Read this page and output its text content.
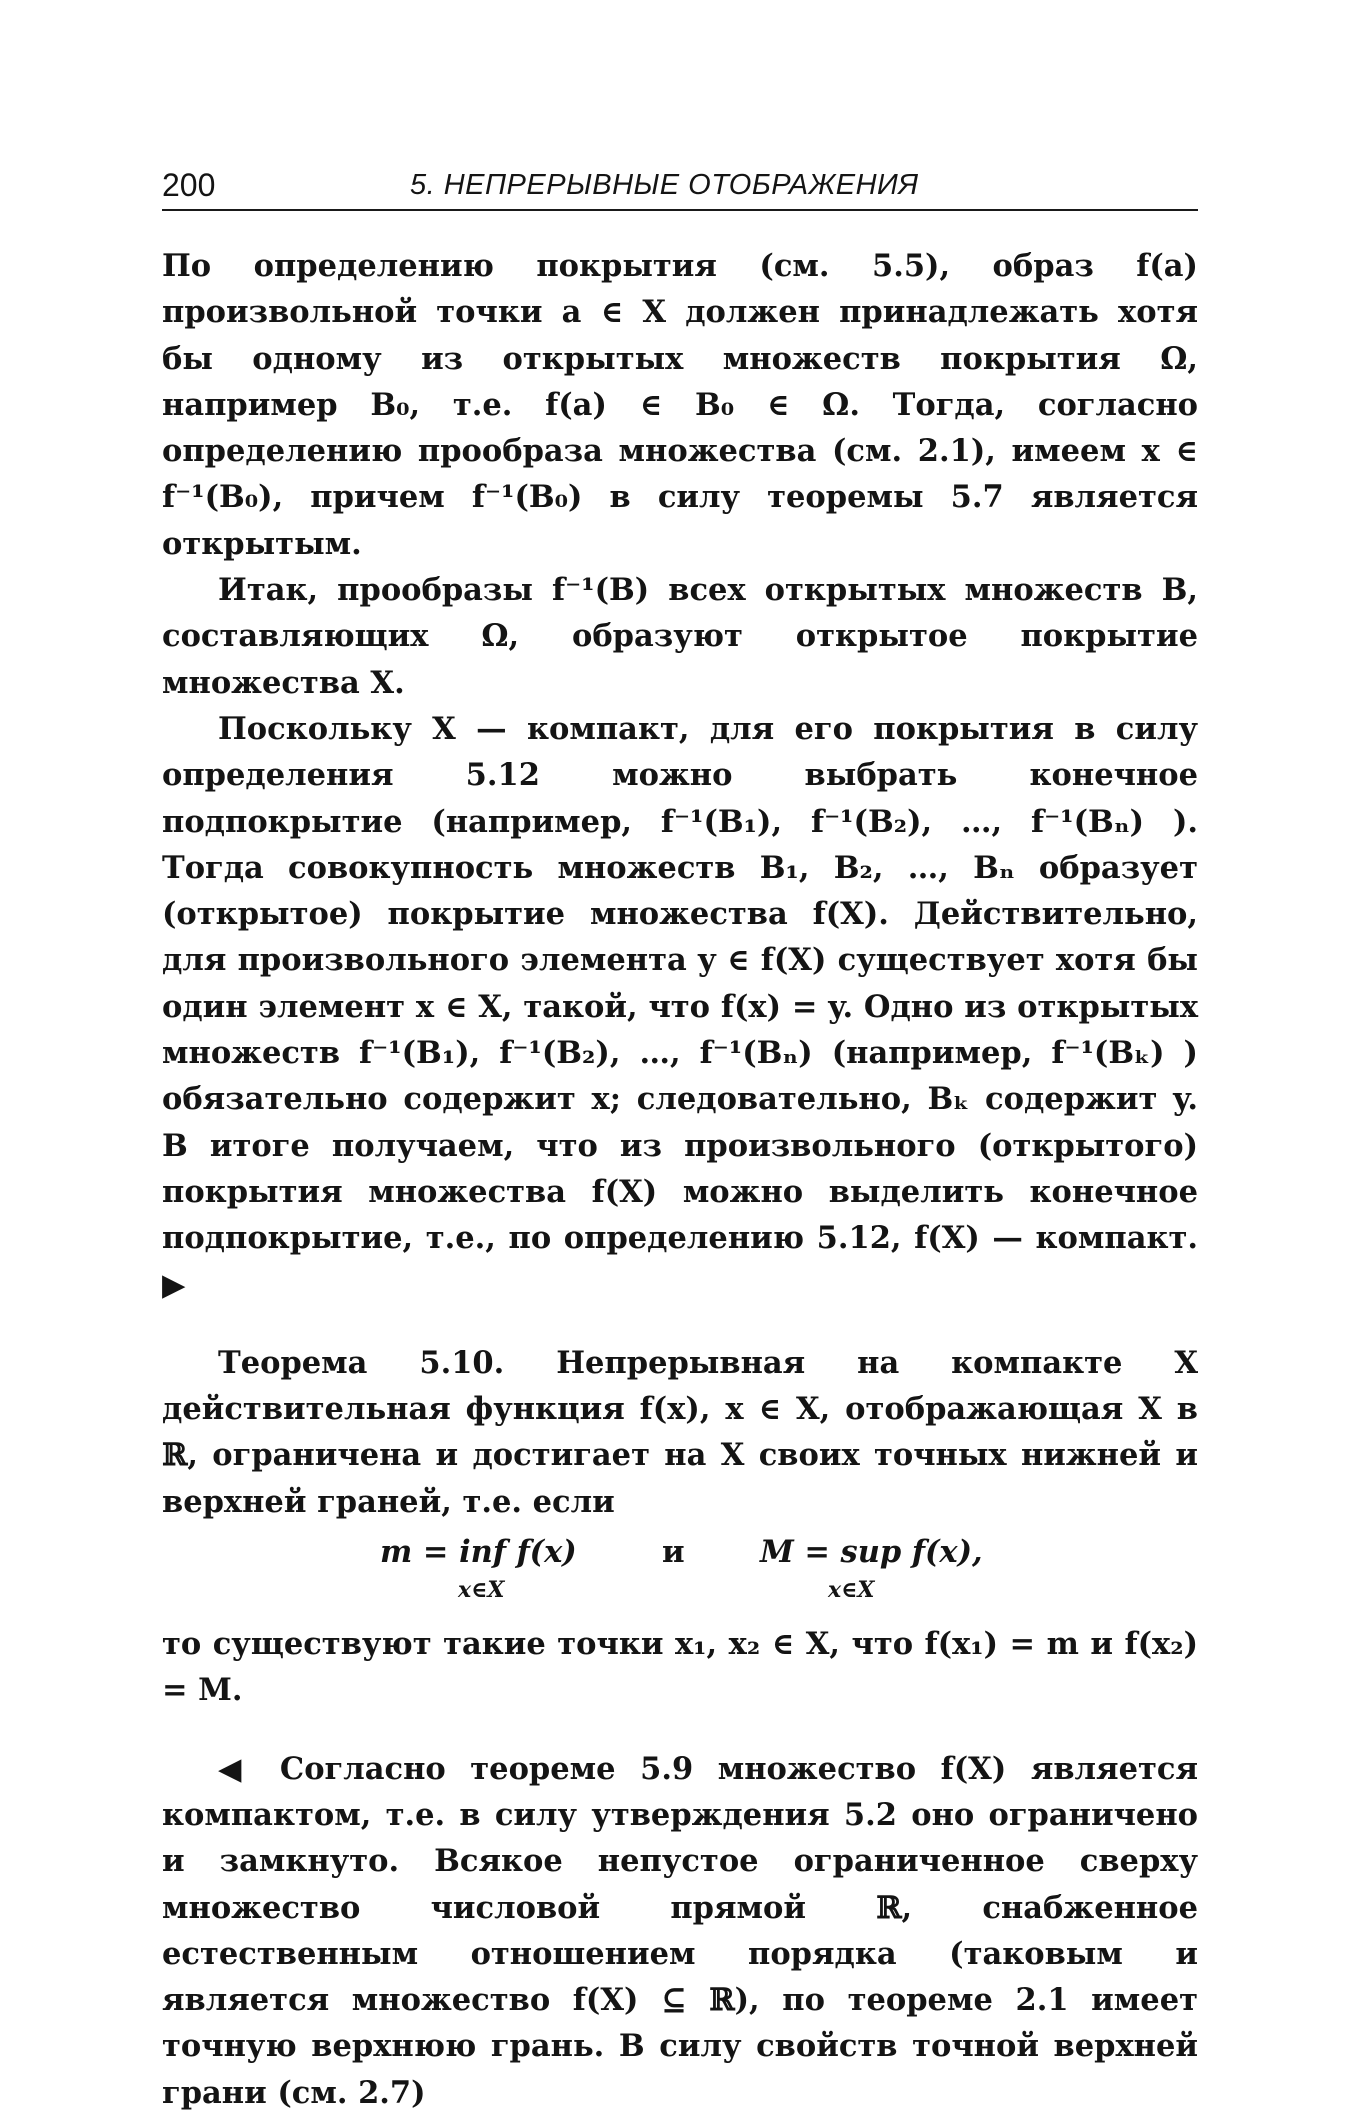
200	5. НЕПРЕРЫВНЫЕ ОТОБРАЖЕНИЯ

По определению покрытия (см. 5.5), образ f(a) произвольной точки a ∈ X должен принадлежать хотя бы одному из открытых множеств покрытия Ω, например B₀, т.е. f(a) ∈ B₀ ∈ Ω. Тогда, согласно определению прообраза множества (см. 2.1), имеем x ∈ f⁻¹(B₀), причем f⁻¹(B₀) в силу теоремы 5.7 является открытым.

Итак, прообразы f⁻¹(B) всех открытых множеств B, составляющих Ω, образуют открытое покрытие множества X.

Поскольку X — компакт, для его покрытия в силу определения 5.12 можно выбрать конечное подпокрытие (например, f⁻¹(B₁), f⁻¹(B₂), …, f⁻¹(Bₙ) ). Тогда совокупность множеств B₁, B₂, …, Bₙ образует (открытое) покрытие множества f(X). Действительно, для произвольного элемента y ∈ f(X) существует хотя бы один элемент x ∈ X, такой, что f(x) = y. Одно из открытых множеств f⁻¹(B₁), f⁻¹(B₂), …, f⁻¹(Bₙ) (например, f⁻¹(Bₖ) ) обязательно содержит x; следовательно, Bₖ содержит y. В итоге получаем, что из произвольного (открытого) покрытия множества f(X) можно выделить конечное подпокрытие, т.е., по определению 5.12, f(X) — компакт. ▶

Теорема 5.10. Непрерывная на компакте X действительная функция f(x), x ∈ X, отображающая X в ℝ, ограничена и достигает на X своих точных нижней и верхней граней, т.е. если

m = inf f(x)
x∈X
и M = sup f(x),
x∈X

то существуют такие точки x₁, x₂ ∈ X, что f(x₁) = m и f(x₂) = M.

◀ Согласно теореме 5.9 множество f(X) является компактом, т.е. в силу утверждения 5.2 оно ограничено и замкнуто. Всякое непустое ограниченное сверху множество числовой прямой ℝ, снабженное естественным отношением порядка (таковым и является множество f(X) ⊆ ℝ), по теореме 2.1 имеет точную верхнюю грань. В силу свойств точной верхней грани (см. 2.7)
